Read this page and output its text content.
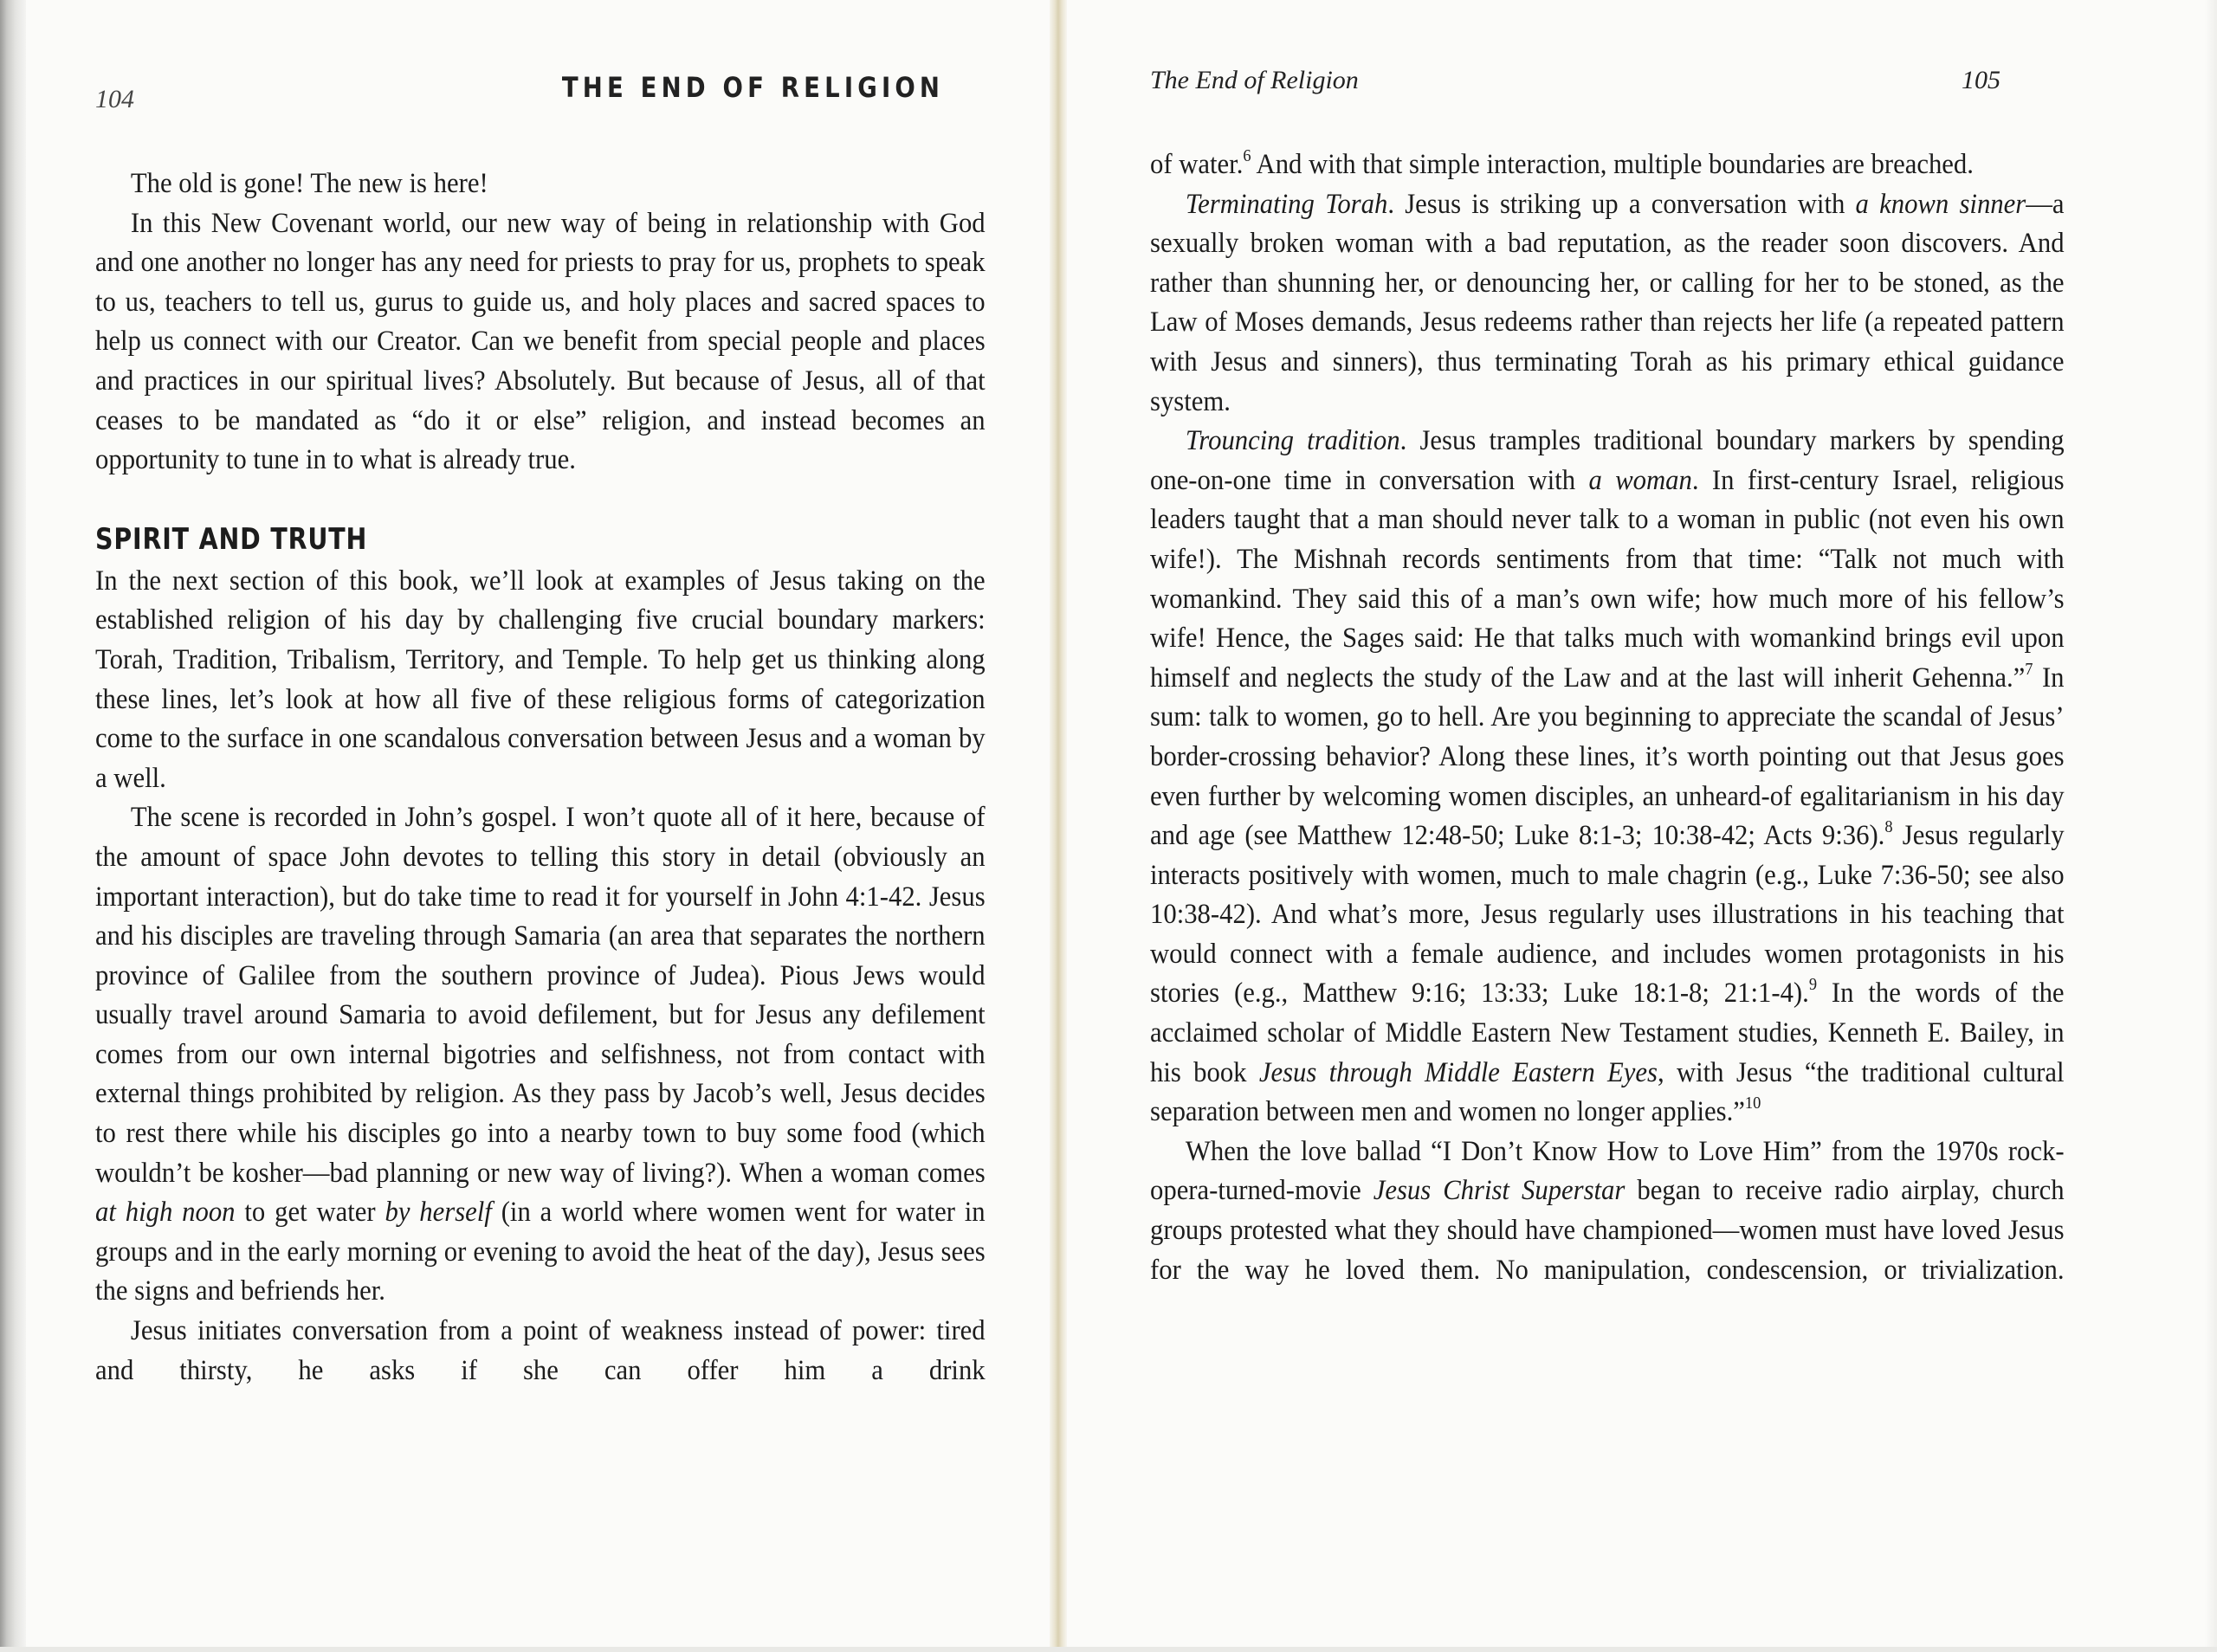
104	THE END OF RELIGION

The old is gone! The new is here!

In this New Covenant world, our new way of being in relationship with God and one another no longer has any need for priests to pray for us, prophets to speak to us, teachers to tell us, gurus to guide us, and holy places and sacred spaces to help us connect with our Creator. Can we benefit from special people and places and practices in our spiritual lives? Absolutely. But because of Jesus, all of that ceases to be mandated as “do it or else” religion, and instead becomes an opportunity to tune in to what is already true.

SPIRIT AND TRUTH

In the next section of this book, we’ll look at examples of Jesus taking on the established religion of his day by challenging five crucial boundary markers: Torah, Tradition, Tribalism, Territory, and Temple. To help get us thinking along these lines, let’s look at how all five of these religious forms of categorization come to the surface in one scandalous conversation between Jesus and a woman by a well.

The scene is recorded in John’s gospel. I won’t quote all of it here, because of the amount of space John devotes to telling this story in detail (obviously an important interaction), but do take time to read it for yourself in John 4:1-42. Jesus and his disciples are traveling through Samaria (an area that separates the northern province of Galilee from the southern province of Judea). Pious Jews would usually travel around Samaria to avoid defilement, but for Jesus any defilement comes from our own internal bigotries and selfishness, not from contact with external things prohibited by religion. As they pass by Jacob’s well, Jesus decides to rest there while his disciples go into a nearby town to buy some food (which wouldn’t be kosher—bad planning or new way of living?). When a woman comes at high noon to get water by herself (in a world where women went for water in groups and in the early morning or evening to avoid the heat of the day), Jesus sees the signs and befriends her.

Jesus initiates conversation from a point of weakness instead of power: tired and thirsty, he asks if she can offer him a drink

The End of Religion	105

of water.$^6$ And with that simple interaction, multiple boundaries are breached.

Terminating Torah. Jesus is striking up a conversation with a known sinner—a sexually broken woman with a bad reputation, as the reader soon discovers. And rather than shunning her, or denouncing her, or calling for her to be stoned, as the Law of Moses demands, Jesus redeems rather than rejects her life (a repeated pattern with Jesus and sinners), thus terminating Torah as his primary ethical guidance system.

Trouncing tradition. Jesus tramples traditional boundary markers by spending one-on-one time in conversation with a woman. In first-century Israel, religious leaders taught that a man should never talk to a woman in public (not even his own wife!). The Mishnah records sentiments from that time: “Talk not much with womankind. They said this of a man’s own wife; how much more of his fellow’s wife! Hence, the Sages said: He that talks much with womankind brings evil upon himself and neglects the study of the Law and at the last will inherit Gehenna.”$^7$ In sum: talk to women, go to hell. Are you beginning to appreciate the scandal of Jesus’ border-crossing behavior? Along these lines, it’s worth pointing out that Jesus goes even further by welcoming women disciples, an unheard-of egalitarianism in his day and age (see Matthew 12:48-50; Luke 8:1-3; 10:38-42; Acts 9:36).$^8$ Jesus regularly interacts positively with women, much to male chagrin (e.g., Luke 7:36-50; see also 10:38-42). And what’s more, Jesus regularly uses illustrations in his teaching that would connect with a female audience, and includes women protagonists in his stories (e.g., Matthew 9:16; 13:33; Luke 18:1-8; 21:1-4).$^9$ In the words of the acclaimed scholar of Middle Eastern New Testament studies, Kenneth E. Bailey, in his book Jesus through Middle Eastern Eyes, with Jesus “the traditional cultural separation between men and women no longer applies.”$^{10}$

When the love ballad “I Don’t Know How to Love Him” from the 1970s rock-opera-turned-movie Jesus Christ Superstar began to receive radio airplay, church groups protested what they should have championed—women must have loved Jesus for the way he loved them. No manipulation, condescension, or trivialization.
